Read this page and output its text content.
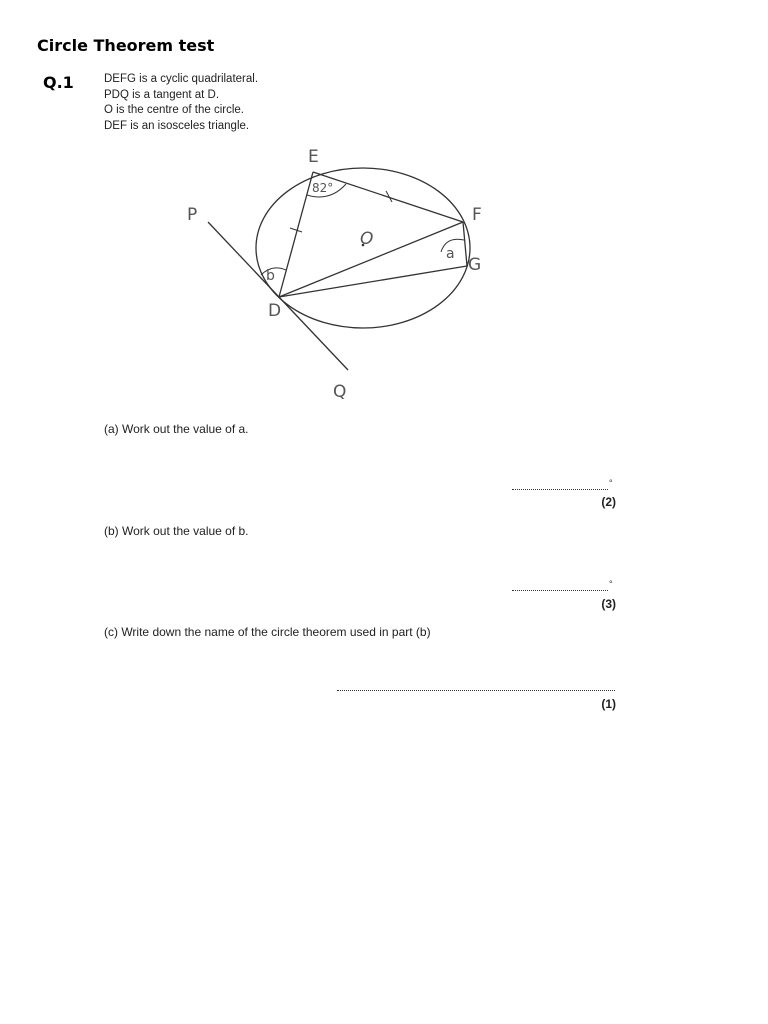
Circle Theorem test
Q.1	DEFG is a cyclic quadrilateral.
PDQ is a tangent at D.
O is the centre of the circle.
DEF is an isosceles triangle.
E
F
G
P
D
Q
O
82°
a
b
(a) Work out the value of a.
°
(2)
(b) Work out the value of b.
°
(3)
(c) Write down the name of the circle theorem used in part (b)
(1)
